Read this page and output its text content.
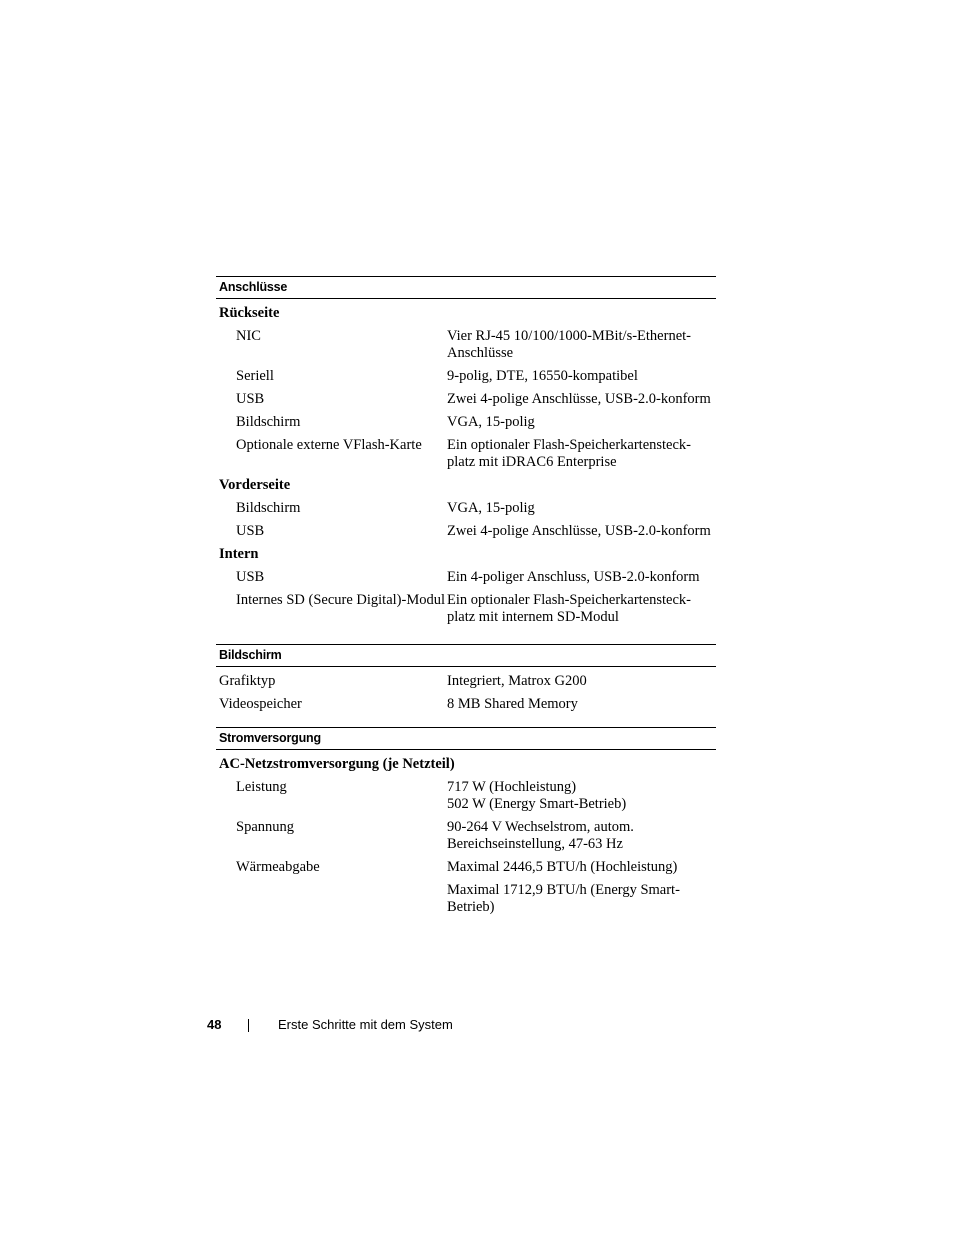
Anschlüsse
Rückseite
NIC	Vier RJ-45 10/100/1000-MBit/s-Ethernet-
Anschlüsse
Seriell	9-polig, DTE, 16550-kompatibel
USB	Zwei 4-polige Anschlüsse, USB-2.0-konform
Bildschirm	VGA, 15-polig
Optionale externe VFlash-Karte Ein optionaler Flash-Speicherkartensteck-
platz mit iDRAC6 Enterprise
Vorderseite
Bildschirm	VGA, 15-polig
USB	Zwei 4-polige Anschlüsse, USB-2.0-konform
Intern
USB	Ein 4-poliger Anschluss, USB-2.0-konform
Internes SD (Secure Digital)-Modul Ein optionaler Flash-Speicherkartensteck-
platz mit internem SD-Modul
Bildschirm
Grafiktyp	Integriert, Matrox G200
Videospeicher	8 MB Shared Memory
Stromversorgung
AC-Netzstromversorgung (je Netzteil)
Leistung	717 W (Hochleistung)
502 W (Energy Smart-Betrieb)
Spannung	90-264 V Wechselstrom, autom.
Bereichseinstellung, 47-63 Hz
Wärmeabgabe	Maximal 2446,5 BTU/h (Hochleistung)
Maximal 1712,9 BTU/h (Energy Smart-
Betrieb)
48	Erste Schritte mit dem System
